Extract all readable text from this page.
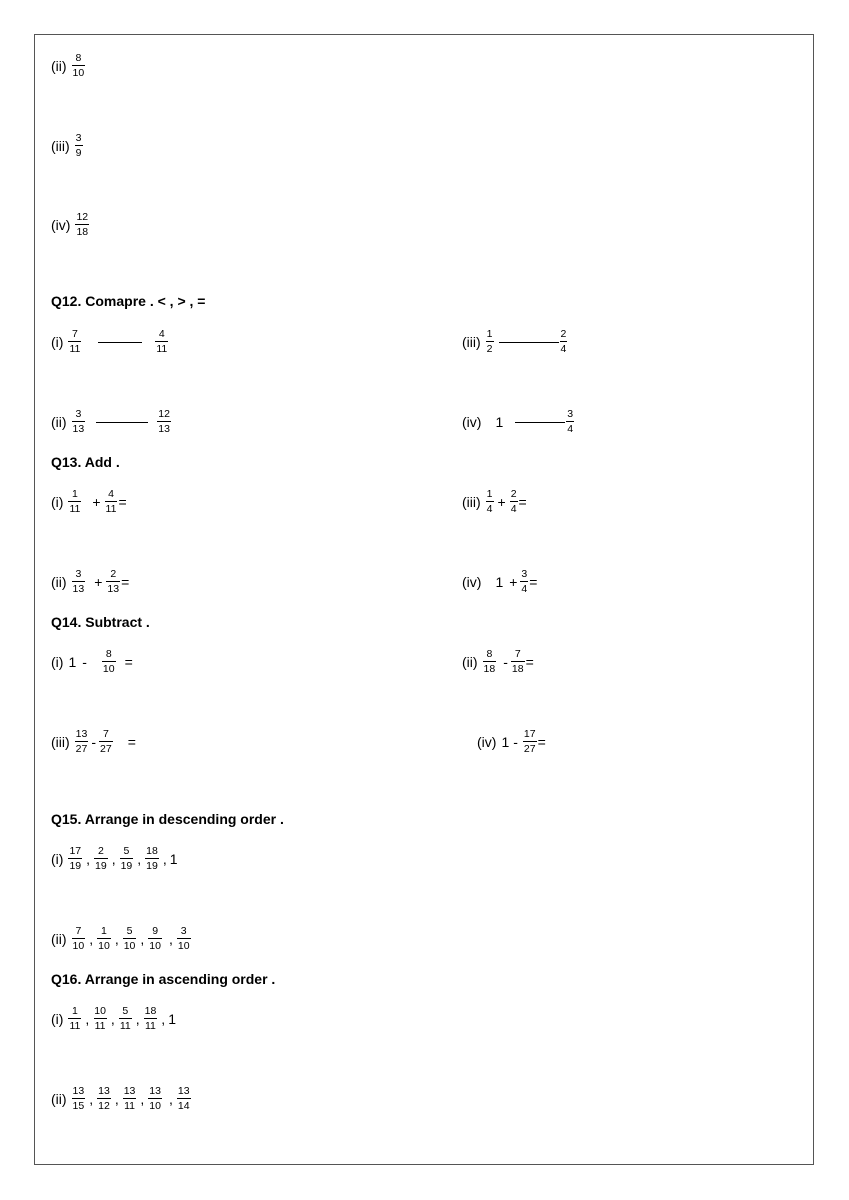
$(ii) \frac{8}{10}$
$(iii) \frac{3}{9}$
$(iv) \frac{12}{18}$
Q12. Comapre . < , > , =
$(i) \frac{7}{11}$	$\frac{4}{11}$	$(iii) \frac{1}{2}$	$\frac{2}{4}$
$(ii) \frac{3}{13}$	$\frac{12}{13}$	(iv) 1	$\frac{3}{4}$
Q13. Add .
$(i) \frac{1}{11} + \frac{4}{11}$ =	$(iii) \frac{1}{4} + \frac{2}{4}$ =
$(ii) \frac{3}{13} + \frac{2}{13}$ =	(iv) $1 + \frac{3}{4}$ =
Q14. Subtract .
(i) $1 - \frac{8}{10}$ =	$(ii) \frac{8}{18} - \frac{7}{18}$ =
$(iii) \frac{13}{27} - \frac{7}{27}$ =	(iv) $1 - \frac{17}{27}$ =
Q15. Arrange in descending order .
$(i) \frac{17}{19}$ , $\frac{2}{19}$ , $\frac{5}{19}$ , $\frac{18}{19}$ , 1
$(ii) \frac{7}{10}$ , $\frac{1}{10}$ , $\frac{5}{10}$ , $\frac{9}{10}$ , $\frac{3}{10}$
Q16. Arrange in ascending order .
$(i) \frac{1}{11}$ , $\frac{10}{11}$ , $\frac{5}{11}$ , $\frac{18}{11}$ , 1
$(ii) \frac{13}{15}$ , $\frac{13}{12}$ , $\frac{13}{11}$ , $\frac{13}{10}$ , $\frac{13}{14}$
